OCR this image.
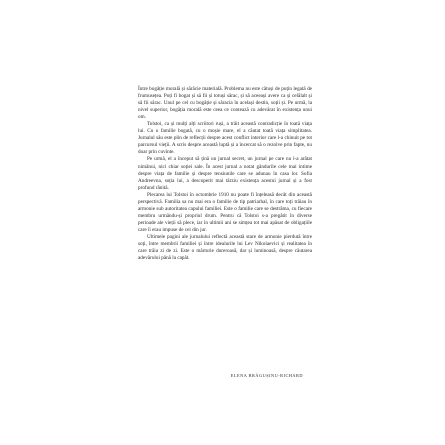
Între bogăție morală și sărăcie materială. Problema nu este câtuși de puțin legată de frumusețea. Poți fi bogat și să fii și totuși sărac, și să aceeași avere ca și celălalt și să fii sărac. Unul pe cel cu bogăție și săracia în același destin, soții și. Pe urmă, la nivel superior, bogăția morală este ceea ce contează cu adevărat în existența unui om.

Tolstoi, ca și mulți alți scriitori ruși, a trăit această contradicție în toată viața lui. Cu o familie bogată, cu o moșie mare, el a căutat toată viața simplitatea. Jurnalul său este plin de reflecții despre acest conflict interior care l-a chinuit pe tot parcursul vieții. A scris despre această luptă și a încercat să o rezolve prin fapte, nu doar prin cuvinte.

Pe urmă, el a început să țină un jurnal secret, un jurnal pe care nu l-a arătat nimănui, nici chiar soției sale. În acest jurnal a notat gândurile cele mai intime despre viața de familie și despre tensiunile care se adunau în casa lor. Sofia Andreevna, soția lui, a descoperit mai târziu existența acestui jurnal și a fost profund rănită.

Plecarea lui Tolstoi în octombrie 1910 nu poate fi înțeleasă decât din această perspectivă. Familia sa nu mai era o familie de tip patriarhal, în care toți trăiau în armonie sub autoritatea capului familiei. Este o familie care se destrăma, cu fiecare membru urmându-și propriul drum. Pentru că Tolstoi s-a pregătit în diverse perioade ale vieții să plece, iar în ultimii ani se simțea tot mai apăsat de obligațiile care îi erau impuse de cei din jur.

Ultimele pagini ale jurnalului reflectă această stare de armonie pierdută între soți, între membrii familiei și între idealurile lui Lev Nikolaevici și realitatea în care trăia zi de zi. Este o mărturie dureroasă, dar și luminoasă, despre căutarea adevărului până la capăt.

ELENA BRĂGUȘINU-RICHARD
